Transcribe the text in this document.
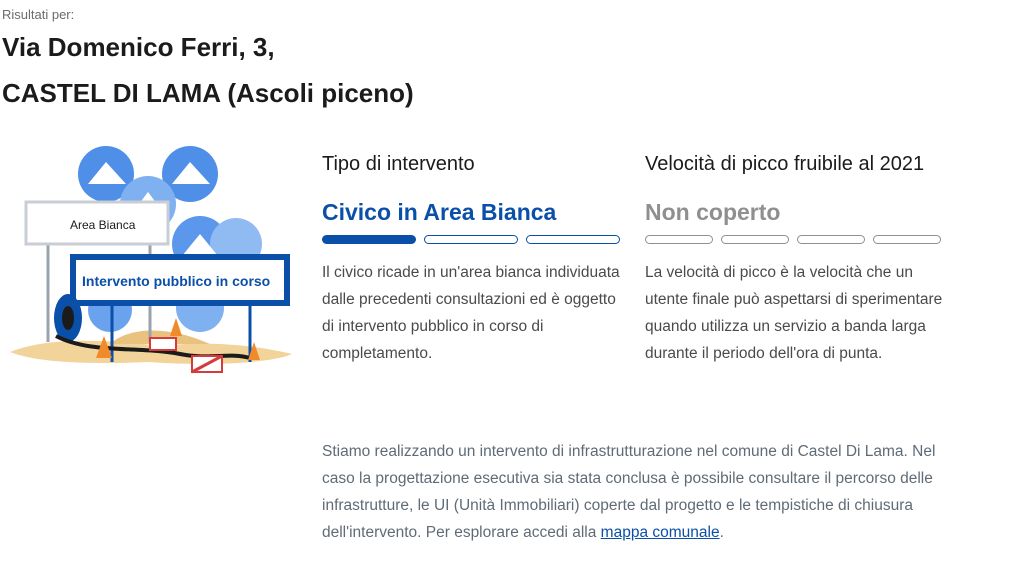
Risultati per:
Via Domenico Ferri, 3,
CASTEL DI LAMA (Ascoli piceno)
Area Bianca
Intervento pubblico in corso
Tipo di intervento
Civico in Area Bianca
Il civico ricade in un'area bianca individuata dalle precedenti consultazioni ed è oggetto di intervento pubblico in corso di completamento.
Velocità di picco fruibile al 2021
Non coperto
La velocità di picco è la velocità che un utente finale può aspettarsi di sperimentare quando utilizza un servizio a banda larga durante il periodo dell'ora di punta.
Stiamo realizzando un intervento di infrastrutturazione nel comune di Castel Di Lama. Nel caso la progettazione esecutiva sia stata conclusa è possibile consultare il percorso delle infrastrutture, le UI (Unità Immobiliari) coperte dal progetto e le tempistiche di chiusura dell'intervento. Per esplorare accedi alla mappa comunale.
